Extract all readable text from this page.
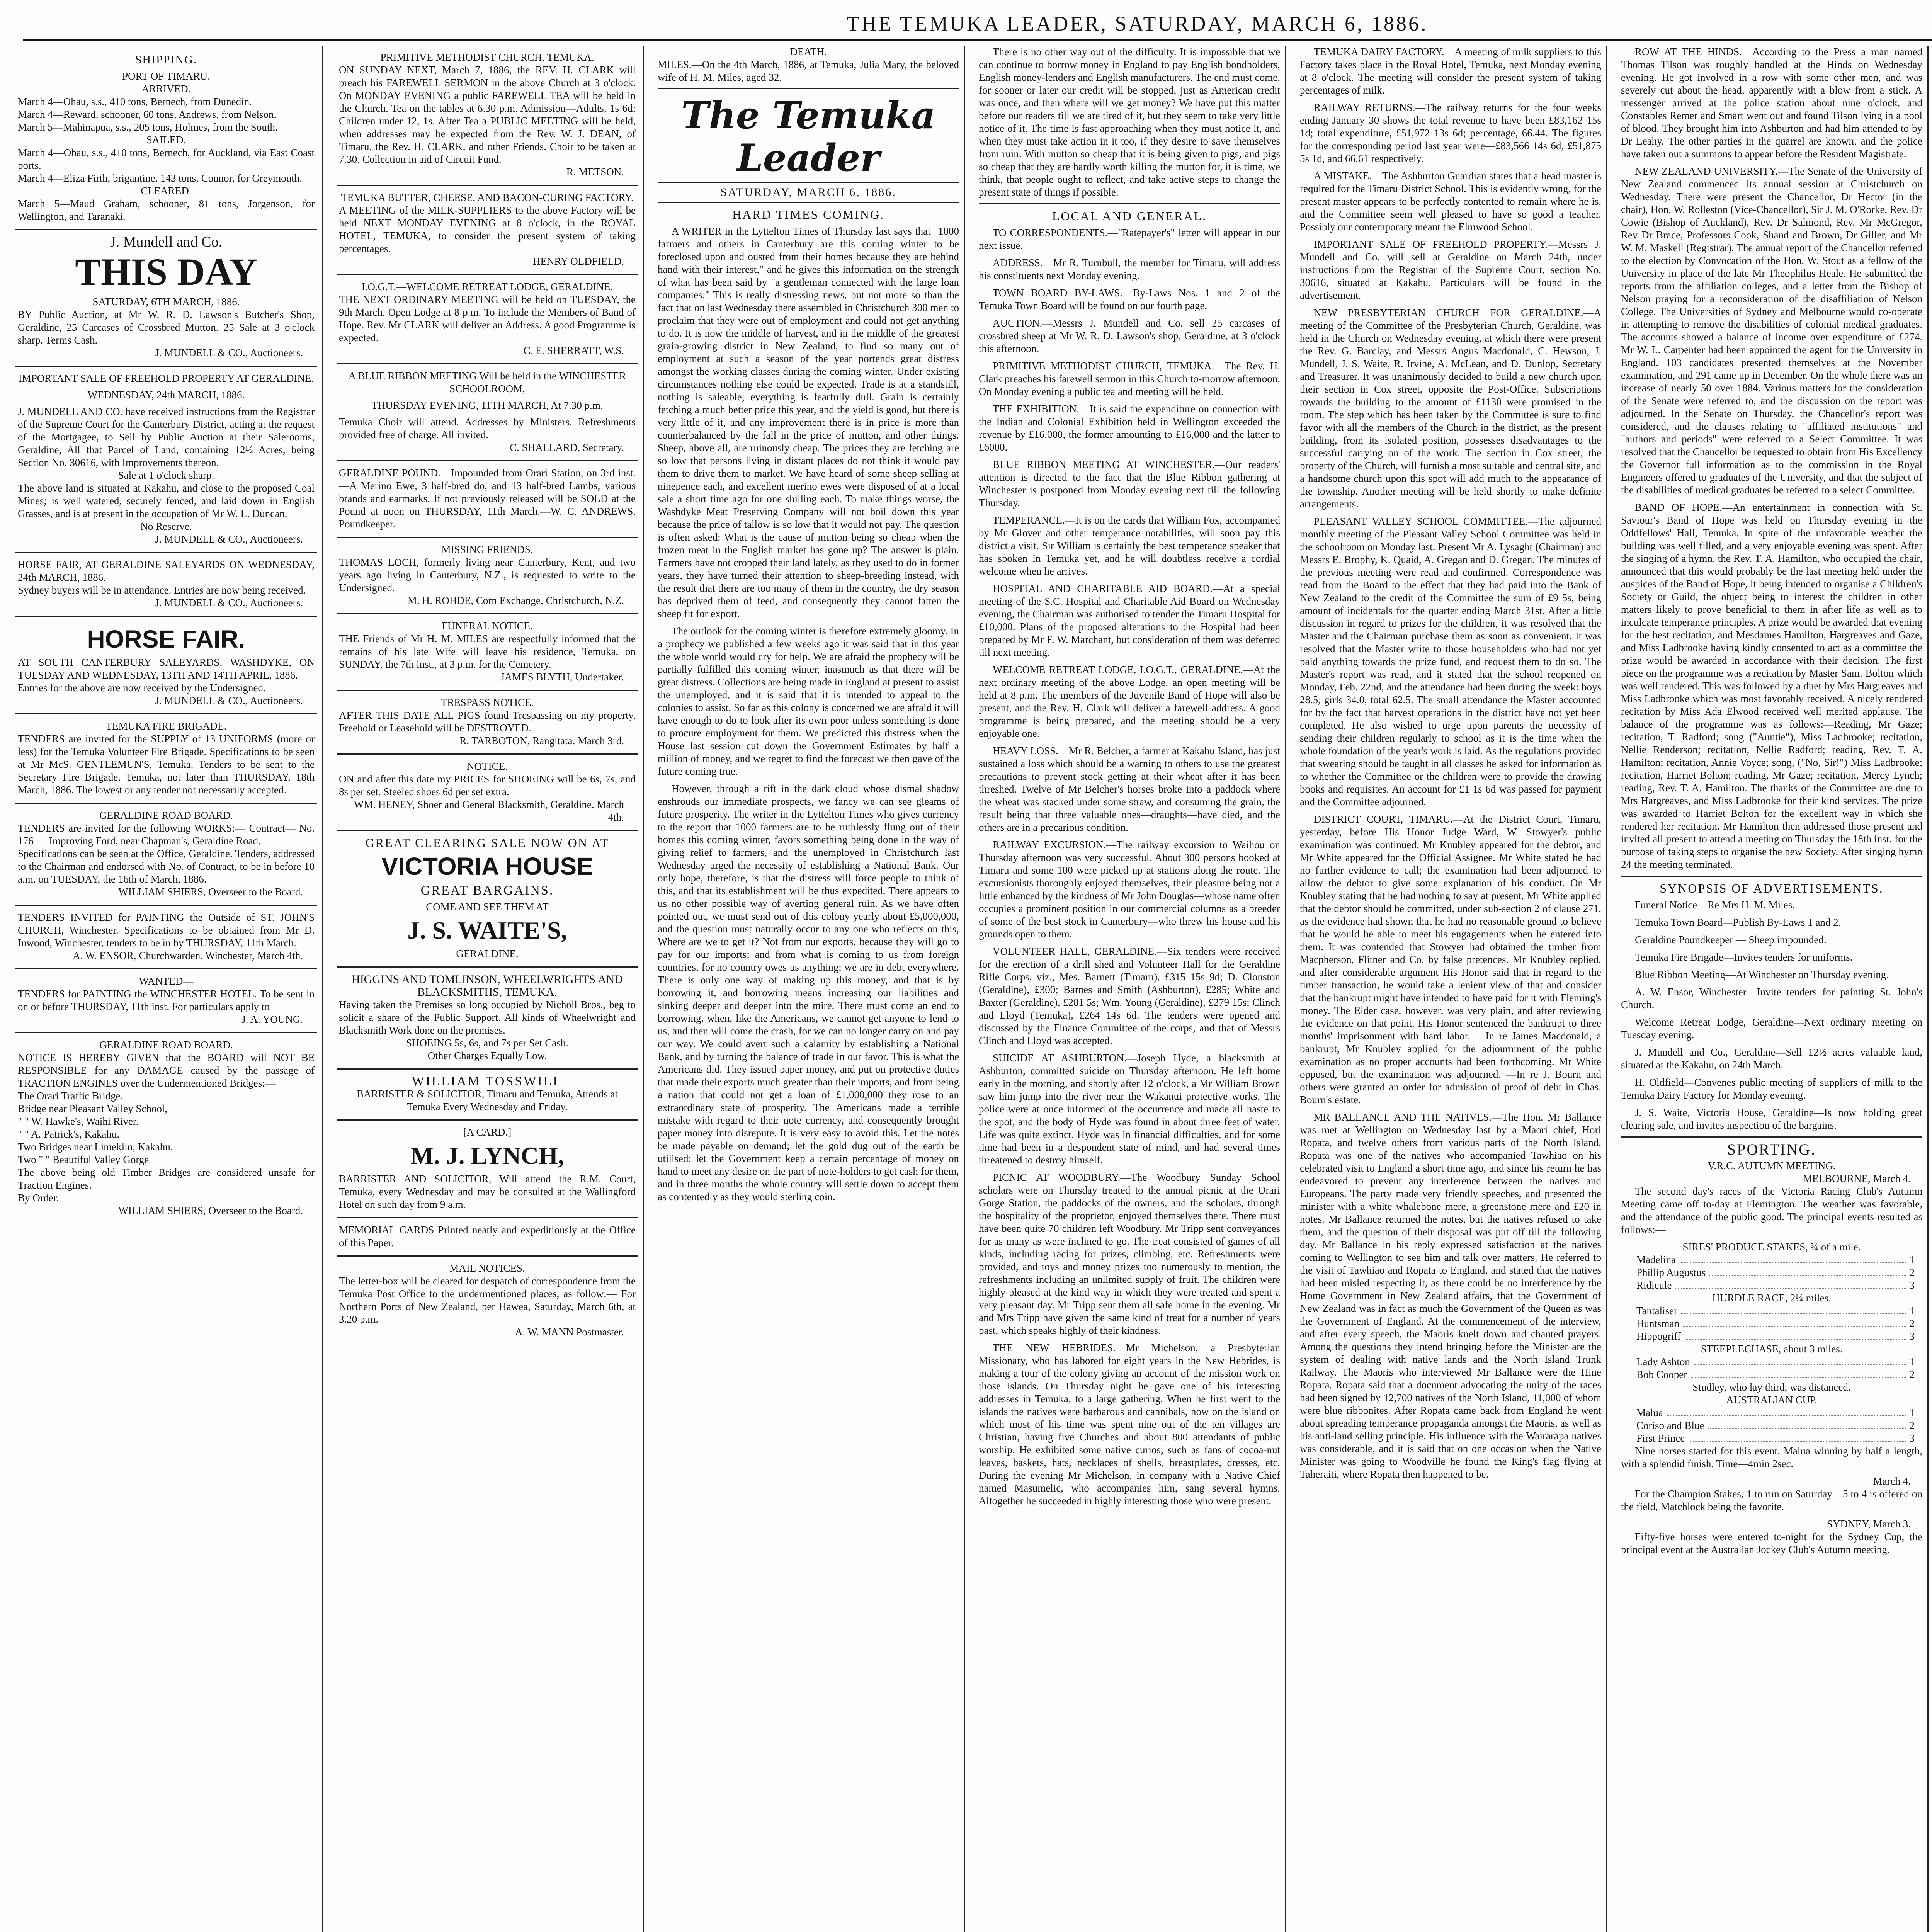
THE TEMUKA LEADER, SATURDAY, MARCH 6, 1886.
SHIPPING.
PORT OF TIMARU.
ARRIVED.
March 4—Ohau, s.s., 410 tons, Bernech, from Dunedin.
March 4—Reward, schooner, 60 tons, Andrews, from Nelson.
March 5—Mahinapua, s.s., 205 tons, Holmes, from the South.
SAILED.
March 4—Ohau, s.s., 410 tons, Bernech, for Auckland, via East Coast ports.
March 4—Eliza Firth, brigantine, 143 tons, Connor, for Greymouth.
CLEARED.
March 5—Maud Graham, schooner, 81 tons, Jorgenson, for Wellington, and Taranaki.
J. Mundell and Co.
THIS DAY
SATURDAY, 6TH MARCH, 1886.
BY Public Auction, at Mr W. R. D. Lawson's Butcher's Shop, Geraldine, 25 Carcases of Crossbred Mutton. 25 Sale at 3 o'clock sharp. Terms Cash.
J. MUNDELL & CO., Auctioneers.
IMPORTANT SALE OF FREEHOLD PROPERTY AT GERALDINE.
WEDNESDAY, 24th MARCH, 1886.
J. MUNDELL AND CO. have received instructions from the Registrar of the Supreme Court for the Canterbury District, acting at the request of the Mortgagee, to Sell by Public Auction at their Salerooms, Geraldine, All that Parcel of Land, containing 12½ Acres, being Section No. 30616, with Improvements thereon.
Sale at 1 o'clock sharp.
The above land is situated at Kakahu, and close to the proposed Coal Mines; is well watered, securely fenced, and laid down in English Grasses, and is at present in the occupation of Mr W. L. Duncan.
No Reserve.
J. MUNDELL & CO., Auctioneers.
HORSE FAIR, AT GERALDINE SALEYARDS ON WEDNESDAY, 24th MARCH, 1886.
Sydney buyers will be in attendance. Entries are now being received.
J. MUNDELL & CO., Auctioneers.
HORSE FAIR.
AT SOUTH CANTERBURY SALEYARDS, WASHDYKE, ON TUESDAY AND WEDNESDAY, 13TH AND 14TH APRIL, 1886.
Entries for the above are now received by the Undersigned.
J. MUNDELL & CO., Auctioneers.
TEMUKA FIRE BRIGADE.
TENDERS are invited for the SUPPLY of 13 UNIFORMS (more or less) for the Temuka Volunteer Fire Brigade. Specifications to be seen at Mr McS. GENTLEMUN'S, Temuka. Tenders to be sent to the Secretary Fire Brigade, Temuka, not later than THURSDAY, 18th March, 1886. The lowest or any tender not necessarily accepted.
GERALDINE ROAD BOARD.
TENDERS are invited for the following WORKS:— Contract— No. 176 — Improving Ford, near Chapman's, Geraldine Road.
Specifications can be seen at the Office, Geraldine. Tenders, addressed to the Chairman and endorsed with No. of Contract, to be in before 10 a.m. on TUESDAY, the 16th of March, 1886.
WILLIAM SHIERS, Overseer to the Board.
TENDERS INVITED for PAINTING the Outside of ST. JOHN'S CHURCH, Winchester. Specifications to be obtained from Mr D. Inwood, Winchester, tenders to be in by THURSDAY, 11th March.
A. W. ENSOR, Churchwarden. Winchester, March 4th.
WANTED—
TENDERS for PAINTING the WINCHESTER HOTEL. To be sent in on or before THURSDAY, 11th inst. For particulars apply to
J. A. YOUNG.
GERALDINE ROAD BOARD.
NOTICE IS HEREBY GIVEN that the BOARD will NOT BE RESPONSIBLE for any DAMAGE caused by the passage of TRACTION ENGINES over the Undermentioned Bridges:—
The Orari Traffic Bridge.
Bridge near Pleasant Valley School,
" " W. Hawke's, Waihi River.
" " A. Patrick's, Kakahu.
Two Bridges near Limekiln, Kakahu.
Two " " Beautiful Valley Gorge
The above being old Timber Bridges are considered unsafe for Traction Engines.
By Order.
WILLIAM SHIERS, Overseer to the Board.
PRIMITIVE METHODIST CHURCH, TEMUKA.
ON SUNDAY NEXT, March 7, 1886, the REV. H. CLARK will preach his FAREWELL SERMON in the above Church at 3 o'clock. On MONDAY EVENING a public FAREWELL TEA will be held in the Church. Tea on the tables at 6.30 p.m. Admission—Adults, 1s 6d; Children under 12, 1s. After Tea a PUBLIC MEETING will be held, when addresses may be expected from the Rev. W. J. DEAN, of Timaru, the Rev. H. CLARK, and other Friends. Choir to be taken at 7.30. Collection in aid of Circuit Fund.
R. METSON.
TEMUKA BUTTER, CHEESE, AND BACON-CURING FACTORY.
A MEETING of the MILK-SUPPLIERS to the above Factory will be held NEXT MONDAY EVENING at 8 o'clock, in the ROYAL HOTEL, TEMUKA, to consider the present system of taking percentages.
HENRY OLDFIELD.
I.O.G.T.—WELCOME RETREAT LODGE, GERALDINE.
THE NEXT ORDINARY MEETING will be held on TUESDAY, the 9th March. Open Lodge at 8 p.m. To include the Members of Band of Hope. Rev. Mr CLARK will deliver an Address. A good Programme is expected.
C. E. SHERRATT, W.S.
A BLUE RIBBON MEETING Will be held in the WINCHESTER SCHOOLROOM,
THURSDAY EVENING, 11TH MARCH, At 7.30 p.m.
Temuka Choir will attend. Addresses by Ministers. Refreshments provided free of charge. All invited.
C. SHALLARD, Secretary.
GERALDINE POUND.—Impounded from Orari Station, on 3rd inst.—A Merino Ewe, 3 half-bred do, and 13 half-bred Lambs; various brands and earmarks. If not previously released will be SOLD at the Pound at noon on THURSDAY, 11th March.—W. C. ANDREWS, Poundkeeper.
MISSING FRIENDS.
THOMAS LOCH, formerly living near Canterbury, Kent, and two years ago living in Canterbury, N.Z., is requested to write to the Undersigned.
M. H. ROHDE, Corn Exchange, Christchurch, N.Z.
FUNERAL NOTICE.
THE Friends of Mr H. M. MILES are respectfully informed that the remains of his late Wife will leave his residence, Temuka, on SUNDAY, the 7th inst., at 3 p.m. for the Cemetery.
JAMES BLYTH, Undertaker.
TRESPASS NOTICE.
AFTER THIS DATE ALL PIGS found Trespassing on my property, Freehold or Leasehold will be DESTROYED.
R. TARBOTON, Rangitata. March 3rd.
NOTICE.
ON and after this date my PRICES for SHOEING will be 6s, 7s, and 8s per set. Steeled shoes 6d per set extra.
WM. HENEY, Shoer and General Blacksmith, Geraldine. March 4th.
GREAT CLEARING SALE NOW ON AT
VICTORIA HOUSE
GREAT BARGAINS.
COME AND SEE THEM AT
J. S. WAITE'S,
GERALDINE.
HIGGINS AND TOMLINSON, WHEELWRIGHTS AND BLACKSMITHS, TEMUKA,
Having taken the Premises so long occupied by Nicholl Bros., beg to solicit a share of the Public Support. All kinds of Wheelwright and Blacksmith Work done on the premises.
SHOEING 5s, 6s, and 7s per Set Cash.
Other Charges Equally Low.
WILLIAM TOSSWILL
BARRISTER & SOLICITOR, Timaru and Temuka, Attends at Temuka Every Wednesday and Friday.
[A CARD.]
M. J. LYNCH,
BARRISTER AND SOLICITOR, Will attend the R.M. Court, Temuka, every Wednesday and may be consulted at the Wallingford Hotel on such day from 9 a.m.
MEMORIAL CARDS Printed neatly and expeditiously at the Office of this Paper.
MAIL NOTICES.
The letter-box will be cleared for despatch of correspondence from the Temuka Post Office to the undermentioned places, as follow:— For Northern Ports of New Zealand, per Hawea, Saturday, March 6th, at 3.20 p.m.
A. W. MANN Postmaster.
DEATH.
MILES.—On the 4th March, 1886, at Temuka, Julia Mary, the beloved wife of H. M. Miles, aged 32.
The Temuka Leader
SATURDAY, MARCH 6, 1886.
HARD TIMES COMING.

A WRITER in the Lyttelton Times of Thursday last says that "1000 farmers and others in Canterbury are this coming winter to be foreclosed upon and ousted from their homes because they are behind hand with their interest," and he gives this information on the strength of what has been said by "a gentleman connected with the large loan companies." This is really distressing news, but not more so than the fact that on last Wednesday there assembled in Christchurch 300 men to proclaim that they were out of employment and could not get anything to do. It is now the middle of harvest, and in the middle of the greatest grain-growing district in New Zealand, to find so many out of employment at such a season of the year portends great distress amongst the working classes during the coming winter. Under existing circumstances nothing else could be expected. Trade is at a standstill, nothing is saleable; everything is fearfully dull. Grain is certainly fetching a much better price this year, and the yield is good, but there is very little of it, and any improvement there is in price is more than counterbalanced by the fall in the price of mutton, and other things. Sheep, above all, are ruinously cheap. The prices they are fetching are so low that persons living in distant places do not think it would pay them to drive them to market. We have heard of some sheep selling at ninepence each, and excellent merino ewes were disposed of at a local sale a short time ago for one shilling each. To make things worse, the Washdyke Meat Preserving Company will not boil down this year because the price of tallow is so low that it would not pay. The question is often asked: What is the cause of mutton being so cheap when the frozen meat in the English market has gone up? The answer is plain. Farmers have not cropped their land lately, as they used to do in former years, they have turned their attention to sheep-breeding instead, with the result that there are too many of them in the country, the dry season has deprived them of feed, and consequently they cannot fatten the sheep fit for export.

The outlook for the coming winter is therefore extremely gloomy. In a prophecy we published a few weeks ago it was said that in this year the whole world would cry for help. We are afraid the prophecy will be partially fulfilled this coming winter, inasmuch as that there will be great distress. Collections are being made in England at present to assist the unemployed, and it is said that it is intended to appeal to the colonies to assist. So far as this colony is concerned we are afraid it will have enough to do to look after its own poor unless something is done to procure employment for them. We predicted this distress when the House last session cut down the Government Estimates by half a million of money, and we regret to find the forecast we then gave of the future coming true.

However, through a rift in the dark cloud whose dismal shadow enshrouds our immediate prospects, we fancy we can see gleams of future prosperity. The writer in the Lyttelton Times who gives currency to the report that 1000 farmers are to be ruthlessly flung out of their homes this coming winter, favors something being done in the way of giving relief to farmers, and the unemployed in Christchurch last Wednesday urged the necessity of establishing a National Bank. Our only hope, therefore, is that the distress will force people to think of this, and that its establishment will be thus expedited. There appears to us no other possible way of averting general ruin. As we have often pointed out, we must send out of this colony yearly about £5,000,000, and the question must naturally occur to any one who reflects on this, Where are we to get it? Not from our exports, because they will go to pay for our imports; and from what is coming to us from foreign countries, for no country owes us anything; we are in debt everywhere. There is only one way of making up this money, and that is by borrowing it, and borrowing means increasing our liabilities and sinking deeper and deeper into the mire. There must come an end to borrowing, when, like the Americans, we cannot get anyone to lend to us, and then will come the crash, for we can no longer carry on and pay our way. We could avert such a calamity by establishing a National Bank, and by turning the balance of trade in our favor. This is what the Americans did. They issued paper money, and put on protective duties that made their exports much greater than their imports, and from being a nation that could not get a loan of £1,000,000 they rose to an extraordinary state of prosperity. The Americans made a terrible mistake with regard to their note currency, and consequently brought paper money into disrepute. It is very easy to avoid this. Let the notes be made payable on demand; let the gold dug out of the earth be utilised; let the Government keep a certain percentage of money on hand to meet any desire on the part of note-holders to get cash for them, and in three months the whole country will settle down to accept them as contentedly as they would sterling coin.

There is no other way out of the difficulty. It is impossible that we can continue to borrow money in England to pay English bondholders, English money-lenders and English manufacturers. The end must come, for sooner or later our credit will be stopped, just as American credit was once, and then where will we get money? We have put this matter before our readers till we are tired of it, but they seem to take very little notice of it. The time is fast approaching when they must notice it, and when they must take action in it too, if they desire to save themselves from ruin. With mutton so cheap that it is being given to pigs, and pigs so cheap that they are hardly worth killing the mutton for, it is time, we think, that people ought to reflect, and take active steps to change the present state of things if possible.

LOCAL AND GENERAL.

TO CORRESPONDENTS.—"Ratepayer's" letter will appear in our next issue.

ADDRESS.—Mr R. Turnbull, the member for Timaru, will address his constituents next Monday evening.

TOWN BOARD BY-LAWS.—By-Laws Nos. 1 and 2 of the Temuka Town Board will be found on our fourth page.

AUCTION.—Messrs J. Mundell and Co. sell 25 carcases of crossbred sheep at Mr W. R. D. Lawson's shop, Geraldine, at 3 o'clock this afternoon.

PRIMITIVE METHODIST CHURCH, TEMUKA.—The Rev. H. Clark preaches his farewell sermon in this Church to-morrow afternoon. On Monday evening a public tea and meeting will be held.

THE EXHIBITION.—It is said the expenditure on connection with the Indian and Colonial Exhibition held in Wellington exceeded the revenue by £16,000, the former amounting to £16,000 and the latter to £6000.

BLUE RIBBON MEETING AT WINCHESTER.—Our readers' attention is directed to the fact that the Blue Ribbon gathering at Winchester is postponed from Monday evening next till the following Thursday.

TEMPERANCE.—It is on the cards that William Fox, accompanied by Mr Glover and other temperance notabilities, will soon pay this district a visit. Sir William is certainly the best temperance speaker that has spoken in Temuka yet, and he will doubtless receive a cordial welcome when he arrives.

HOSPITAL AND CHARITABLE AID BOARD.—At a special meeting of the S.C. Hospital and Charitable Aid Board on Wednesday evening, the Chairman was authorised to tender the Timaru Hospital for £10,000. Plans of the proposed alterations to the Hospital had been prepared by Mr F. W. Marchant, but consideration of them was deferred till next meeting.

WELCOME RETREAT LODGE, I.O.G.T., GERALDINE.—At the next ordinary meeting of the above Lodge, an open meeting will be held at 8 p.m. The members of the Juvenile Band of Hope will also be present, and the Rev. H. Clark will deliver a farewell address. A good programme is being prepared, and the meeting should be a very enjoyable one.

HEAVY LOSS.—Mr R. Belcher, a farmer at Kakahu Island, has just sustained a loss which should be a warning to others to use the greatest precautions to prevent stock getting at their wheat after it has been threshed. Twelve of Mr Belcher's horses broke into a paddock where the wheat was stacked under some straw, and consuming the grain, the result being that three valuable ones—draughts—have died, and the others are in a precarious condition.

RAILWAY EXCURSION.—The railway excursion to Waihou on Thursday afternoon was very successful. About 300 persons booked at Timaru and some 100 were picked up at stations along the route. The excursionists thoroughly enjoyed themselves, their pleasure being not a little enhanced by the kindness of Mr John Douglas—whose name often occupies a prominent position in our commercial columns as a breeder of some of the best stock in Canterbury—who threw his house and his grounds open to them.

VOLUNTEER HALL, GERALDINE.—Six tenders were received for the erection of a drill shed and Volunteer Hall for the Geraldine Rifle Corps, viz., Mes. Barnett (Timaru), £315 15s 9d; D. Clouston (Geraldine), £300; Barnes and Smith (Ashburton), £285; White and Baxter (Geraldine), £281 5s; Wm. Young (Geraldine), £279 15s; Clinch and Lloyd (Temuka), £264 14s 6d. The tenders were opened and discussed by the Finance Committee of the corps, and that of Messrs Clinch and Lloyd was accepted.

SUICIDE AT ASHBURTON.—Joseph Hyde, a blacksmith at Ashburton, committed suicide on Thursday afternoon. He left home early in the morning, and shortly after 12 o'clock, a Mr William Brown saw him jump into the river near the Wakanui protective works. The police were at once informed of the occurrence and made all haste to the spot, and the body of Hyde was found in about three feet of water. Life was quite extinct. Hyde was in financial difficulties, and for some time had been in a despondent state of mind, and had several times threatened to destroy himself.

PICNIC AT WOODBURY.—The Woodbury Sunday School scholars were on Thursday treated to the annual picnic at the Orari Gorge Station, the paddocks of the owners, and the scholars, through the hospitality of the proprietor, enjoyed themselves there. There must have been quite 70 children left Woodbury. Mr Tripp sent conveyances for as many as were inclined to go. The treat consisted of games of all kinds, including racing for prizes, climbing, etc. Refreshments were provided, and toys and money prizes too numerously to mention, the refreshments including an unlimited supply of fruit. The children were highly pleased at the kind way in which they were treated and spent a very pleasant day. Mr Tripp sent them all safe home in the evening. Mr and Mrs Tripp have given the same kind of treat for a number of years past, which speaks highly of their kindness.

THE NEW HEBRIDES.—Mr Michelson, a Presbyterian Missionary, who has labored for eight years in the New Hebrides, is making a tour of the colony giving an account of the mission work on those islands. On Thursday night he gave one of his interesting addresses in Temuka, to a large gathering. When he first went to the islands the natives were barbarous and cannibals, now on the island on which most of his time was spent nine out of the ten villages are Christian, having five Churches and about 800 attendants of public worship. He exhibited some native curios, such as fans of cocoa-nut leaves, baskets, hats, necklaces of shells, breastplates, dresses, etc. During the evening Mr Michelson, in company with a Native Chief named Masumelic, who accompanies him, sang several hymns. Altogether he succeeded in highly interesting those who were present.

TEMUKA DAIRY FACTORY.—A meeting of milk suppliers to this Factory takes place in the Royal Hotel, Temuka, next Monday evening at 8 o'clock. The meeting will consider the present system of taking percentages of milk.

RAILWAY RETURNS.—The railway returns for the four weeks ending January 30 shows the total revenue to have been £83,162 15s 1d; total expenditure, £51,972 13s 6d; percentage, 66.44. The figures for the corresponding period last year were—£83,566 14s 6d, £51,875 5s 1d, and 66.61 respectively.

A MISTAKE.—The Ashburton Guardian states that a head master is required for the Timaru District School. This is evidently wrong, for the present master appears to be perfectly contented to remain where he is, and the Committee seem well pleased to have so good a teacher. Possibly our contemporary meant the Elmwood School.

IMPORTANT SALE OF FREEHOLD PROPERTY.—Messrs J. Mundell and Co. will sell at Geraldine on March 24th, under instructions from the Registrar of the Supreme Court, section No. 30616, situated at Kakahu. Particulars will be found in the advertisement.

NEW PRESBYTERIAN CHURCH FOR GERALDINE.—A meeting of the Committee of the Presbyterian Church, Geraldine, was held in the Church on Wednesday evening, at which there were present the Rev. G. Barclay, and Messrs Angus Macdonald, C. Hewson, J. Mundell, J. S. Waite, R. Irvine, A. McLean, and D. Dunlop, Secretary and Treasurer. It was unanimously decided to build a new church upon their section in Cox street, opposite the Post-Office. Subscriptions towards the building to the amount of £1130 were promised in the room. The step which has been taken by the Committee is sure to find favor with all the members of the Church in the district, as the present building, from its isolated position, possesses disadvantages to the successful carrying on of the work. The section in Cox street, the property of the Church, will furnish a most suitable and central site, and a handsome church upon this spot will add much to the appearance of the township. Another meeting will be held shortly to make definite arrangements.

PLEASANT VALLEY SCHOOL COMMITTEE.—The adjourned monthly meeting of the Pleasant Valley School Committee was held in the schoolroom on Monday last. Present Mr A. Lysaght (Chairman) and Messrs E. Brophy, K. Quaid, A. Gregan and D. Gregan. The minutes of the previous meeting were read and confirmed. Correspondence was read from the Board to the effect that they had paid into the Bank of New Zealand to the credit of the Committee the sum of £9 5s, being amount of incidentals for the quarter ending March 31st. After a little discussion in regard to prizes for the children, it was resolved that the Master and the Chairman purchase them as soon as convenient. It was resolved that the Master write to those householders who had not yet paid anything towards the prize fund, and request them to do so. The Master's report was read, and it stated that the school reopened on Monday, Feb. 22nd, and the attendance had been during the week: boys 28.5, girls 34.0, total 62.5. The small attendance the Master accounted for by the fact that harvest operations in the district have not yet been completed. He also wished to urge upon parents the necessity of sending their children regularly to school as it is the time when the whole foundation of the year's work is laid. As the regulations provided that swearing should be taught in all classes he asked for information as to whether the Committee or the children were to provide the drawing books and requisites. An account for £1 1s 6d was passed for payment and the Committee adjourned.

DISTRICT COURT, TIMARU.—At the District Court, Timaru, yesterday, before His Honor Judge Ward, W. Stowyer's public examination was continued. Mr Knubley appeared for the debtor, and Mr White appeared for the Official Assignee. Mr White stated he had no further evidence to call; the examination had been adjourned to allow the debtor to give some explanation of his conduct. On Mr Knubley stating that he had nothing to say at present, Mr White applied that the debtor should be committed, under sub-section 2 of clause 271, as the evidence had shown that he had no reasonable ground to believe that he would be able to meet his engagements when he entered into them. It was contended that Stowyer had obtained the timber from Macpherson, Flitner and Co. by false pretences. Mr Knubley replied, and after considerable argument His Honor said that in regard to the timber transaction, he would take a lenient view of that and consider that the bankrupt might have intended to have paid for it with Fleming's money. The Elder case, however, was very plain, and after reviewing the evidence on that point, His Honor sentenced the bankrupt to three months' imprisonment with hard labor. —In re James Macdonald, a bankrupt, Mr Knubley applied for the adjournment of the public examination as no proper accounts had been forthcoming. Mr White opposed, but the examination was adjourned. —In re J. Bourn and others were granted an order for admission of proof of debt in Chas. Bourn's estate.

MR BALLANCE AND THE NATIVES.—The Hon. Mr Ballance was met at Wellington on Wednesday last by a Maori chief, Hori Ropata, and twelve others from various parts of the North Island. Ropata was one of the natives who accompanied Tawhiao on his celebrated visit to England a short time ago, and since his return he has endeavored to prevent any interference between the natives and Europeans. The party made very friendly speeches, and presented the minister with a white whalebone mere, a greenstone mere and £20 in notes. Mr Ballance returned the notes, but the natives refused to take them, and the question of their disposal was put off till the following day. Mr Ballance in his reply expressed satisfaction at the natives coming to Wellington to see him and talk over matters. He referred to the visit of Tawhiao and Ropata to England, and stated that the natives had been misled respecting it, as there could be no interference by the Home Government in New Zealand affairs, that the Government of New Zealand was in fact as much the Government of the Queen as was the Government of England. At the commencement of the interview, and after every speech, the Maoris knelt down and chanted prayers. Among the questions they intend bringing before the Minister are the system of dealing with native lands and the North Island Trunk Railway. The Maoris who interviewed Mr Ballance were the Hine Ropata. Ropata said that a document advocating the unity of the races had been signed by 12,700 natives of the North Island, 11,000 of whom were blue ribbonites. After Ropata came back from England he went about spreading temperance propaganda amongst the Maoris, as well as his anti-land selling principle. His influence with the Wairarapa natives was considerable, and it is said that on one occasion when the Native Minister was going to Woodville he found the King's flag flying at Taheraiti, where Ropata then happened to be.

ROW AT THE HINDS.—According to the Press a man named Thomas Tilson was roughly handled at the Hinds on Wednesday evening. He got involved in a row with some other men, and was severely cut about the head, apparently with a blow from a stick. A messenger arrived at the police station about nine o'clock, and Constables Remer and Smart went out and found Tilson lying in a pool of blood. They brought him into Ashburton and had him attended to by Dr Leahy. The other parties in the quarrel are known, and the police have taken out a summons to appear before the Resident Magistrate.

NEW ZEALAND UNIVERSITY.—The Senate of the University of New Zealand commenced its annual session at Christchurch on Wednesday. There were present the Chancellor, Dr Hector (in the chair), Hon. W. Rolleston (Vice-Chancellor), Sir J. M. O'Rorke, Rev. Dr Cowie (Bishop of Auckland), Rev. Dr Salmond, Rev. Mr McGregor, Rev Dr Brace, Professors Cook, Shand and Brown, Dr Giller, and Mr W. M. Maskell (Registrar). The annual report of the Chancellor referred to the election by Convocation of the Hon. W. Stout as a fellow of the University in place of the late Mr Theophilus Heale. He submitted the reports from the affiliation colleges, and a letter from the Bishop of Nelson praying for a reconsideration of the disaffiliation of Nelson College. The Universities of Sydney and Melbourne would co-operate in attempting to remove the disabilities of colonial medical graduates. The accounts showed a balance of income over expenditure of £274. Mr W. L. Carpenter had been appointed the agent for the University in England. 103 candidates presented themselves at the November examination, and 291 came up in December. On the whole there was an increase of nearly 50 over 1884. Various matters for the consideration of the Senate were referred to, and the discussion on the report was adjourned. In the Senate on Thursday, the Chancellor's report was considered, and the clauses relating to "affiliated institutions" and "authors and periods" were referred to a Select Committee. It was resolved that the Chancellor be requested to obtain from His Excellency the Governor full information as to the commission in the Royal Engineers offered to graduates of the University, and that the subject of the disabilities of medical graduates be referred to a select Committee.

BAND OF HOPE.—An entertainment in connection with St. Saviour's Band of Hope was held on Thursday evening in the Oddfellows' Hall, Temuka. In spite of the unfavorable weather the building was well filled, and a very enjoyable evening was spent. After the singing of a hymn, the Rev. T. A. Hamilton, who occupied the chair, announced that this would probably be the last meeting held under the auspices of the Band of Hope, it being intended to organise a Children's Society or Guild, the object being to interest the children in other matters likely to prove beneficial to them in after life as well as to inculcate temperance principles. A prize would be awarded that evening for the best recitation, and Mesdames Hamilton, Hargreaves and Gaze, and Miss Ladbrooke having kindly consented to act as a committee the prize would be awarded in accordance with their decision. The first piece on the programme was a recitation by Master Sam. Bolton which was well rendered. This was followed by a duet by Mrs Hargreaves and Miss Ladbrooke which was most favorably received. A nicely rendered recitation by Miss Ada Elwood received well merited applause. The balance of the programme was as follows:—Reading, Mr Gaze; recitation, T. Radford; song ("Auntie"), Miss Ladbrooke; recitation, Nellie Renderson; recitation, Nellie Radford; reading, Rev. T. A. Hamilton; recitation, Annie Voyce; song, ("No, Sir!") Miss Ladbrooke; recitation, Harriet Bolton; reading, Mr Gaze; recitation, Mercy Lynch; reading, Rev. T. A. Hamilton. The thanks of the Committee are due to Mrs Hargreaves, and Miss Ladbrooke for their kind services. The prize was awarded to Harriet Bolton for the excellent way in which she rendered her recitation. Mr Hamilton then addressed those present and invited all present to attend a meeting on Thursday the 18th inst. for the purpose of taking steps to organise the new Society. After singing hymn 24 the meeting terminated.

SYNOPSIS OF ADVERTISEMENTS.

Funeral Notice—Re Mrs H. M. Miles.

Temuka Town Board—Publish By-Laws 1 and 2.

Geraldine Poundkeeper — Sheep impounded.

Temuka Fire Brigade—Invites tenders for uniforms.

Blue Ribbon Meeting—At Winchester on Thursday evening.

A. W. Ensor, Winchester—Invite tenders for painting St. John's Church.

Welcome Retreat Lodge, Geraldine—Next ordinary meeting on Tuesday evening.

J. Mundell and Co., Geraldine—Sell 12½ acres valuable land, situated at the Kakahu, on 24th March.

H. Oldfield—Convenes public meeting of suppliers of milk to the Temuka Dairy Factory for Monday evening.

J. S. Waite, Victoria House, Geraldine—Is now holding great clearing sale, and invites inspection of the bargains.

SPORTING.
V.R.C. AUTUMN MEETING.
MELBOURNE, March 4.

The second day's races of the Victoria Racing Club's Autumn Meeting came off to-day at Flemington. The weather was favorable, and the attendance of the public good. The principal events resulted as follows:—

SIRES' PRODUCE STAKES, ¾ of a mile.
Madelina	1
Phillip Augustus	2
Ridicule	3
HURDLE RACE, 2¼ miles.
Tantaliser	1
Huntsman	2
Hippogriff	3
STEEPLECHASE, about 3 miles.
Lady Ashton	1
Bob Cooper	2
Studley, who lay third, was distanced.
AUSTRALIAN CUP.
Malua	1
Coriso and Blue	2
First Prince	3

Nine horses started for this event. Malua winning by half a length, with a splendid finish. Time—4min 2sec.

March 4.

For the Champion Stakes, 1 to run on Saturday—5 to 4 is offered on the field, Matchlock being the favorite.

SYDNEY, March 3.

Fifty-five horses were entered to-night for the Sydney Cup, the principal event at the Australian Jockey Club's Autumn meeting.
